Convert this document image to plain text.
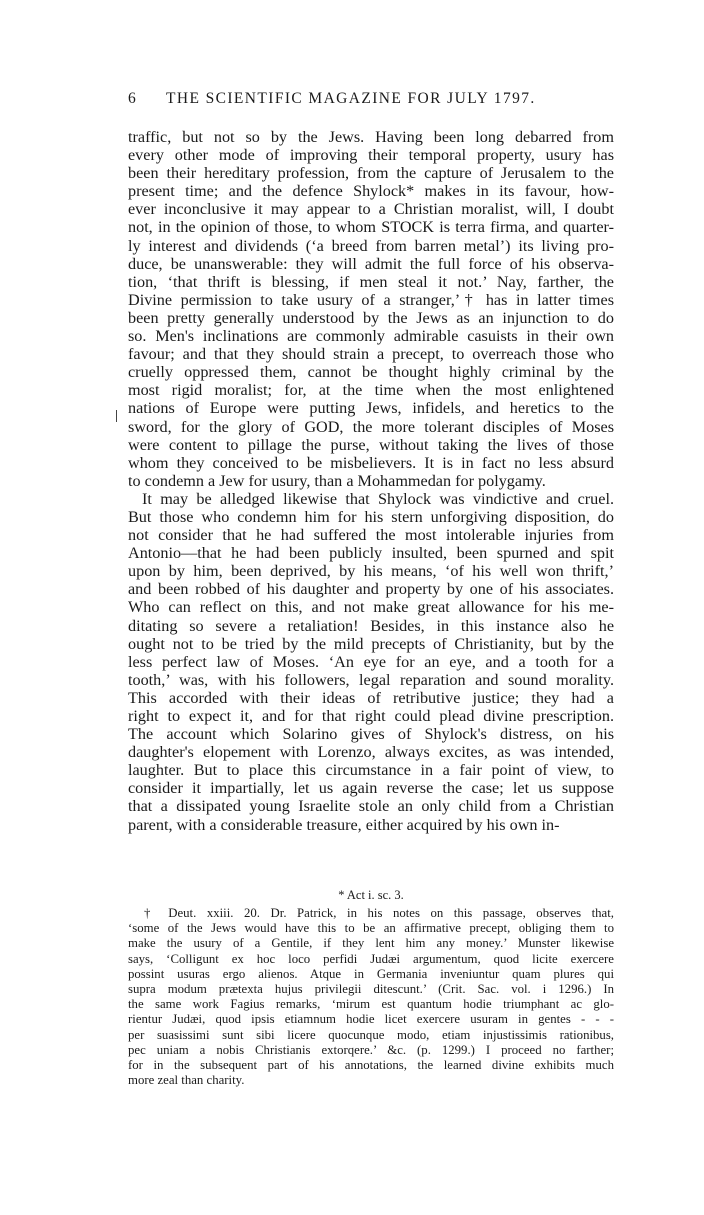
6 THE SCIENTIFIC MAGAZINE FOR JULY 1797.
traffic, but not so by the Jews. Having been long debarred from
every other mode of improving their temporal property, usury has
been their hereditary profession, from the capture of Jerusalem to the
present time; and the defence Shylock* makes in its favour, how-
ever inconclusive it may appear to a Christian moralist, will, I doubt
not, in the opinion of those, to whom STOCK is terra firma, and quarter-
ly interest and dividends (‘a breed from barren metal’) its living pro-
duce, be unanswerable: they will admit the full force of his observa-
tion, ‘that thrift is blessing, if men steal it not.’ Nay, farther, the
Divine permission to take usury of a stranger,’† has in latter times
been pretty generally understood by the Jews as an injunction to do
so. Men's inclinations are commonly admirable casuists in their own
favour; and that they should strain a precept, to overreach those who
cruelly oppressed them, cannot be thought highly criminal by the
most rigid moralist; for, at the time when the most enlightened
nations of Europe were putting Jews, infidels, and heretics to the
sword, for the glory of GOD, the more tolerant disciples of Moses
were content to pillage the purse, without taking the lives of those
whom they conceived to be misbelievers. It is in fact no less absurd
to condemn a Jew for usury, than a Mohammedan for polygamy.
It may be alledged likewise that Shylock was vindictive and cruel.
But those who condemn him for his stern unforgiving disposition, do
not consider that he had suffered the most intolerable injuries from
Antonio—that he had been publicly insulted, been spurned and spit
upon by him, been deprived, by his means, ‘of his well won thrift,’
and been robbed of his daughter and property by one of his associates.
Who can reflect on this, and not make great allowance for his me-
ditating so severe a retaliation! Besides, in this instance also he
ought not to be tried by the mild precepts of Christianity, but by the
less perfect law of Moses. ‘An eye for an eye, and a tooth for a
tooth,’ was, with his followers, legal reparation and sound morality.
This accorded with their ideas of retributive justice; they had a
right to expect it, and for that right could plead divine prescription.
The account which Solarino gives of Shylock's distress, on his
daughter's elopement with Lorenzo, always excites, as was intended,
laughter. But to place this circumstance in a fair point of view, to
consider it impartially, let us again reverse the case; let us suppose
that a dissipated young Israelite stole an only child from a Christian
parent, with a considerable treasure, either acquired by his own in-
* Act i. sc. 3.
† Deut. xxiii. 20. Dr. Patrick, in his notes on this passage, observes that,
‘some of the Jews would have this to be an affirmative precept, obliging them to
make the usury of a Gentile, if they lent him any money.’ Munster likewise
says, ‘Colligunt ex hoc loco perfidi Judæi argumentum, quod licite exercere
possint usuras ergo alienos. Atque in Germania inveniuntur quam plures qui
supra modum prætexta hujus privilegii ditescunt.’ (Crit. Sac. vol. i 1296.) In
the same work Fagius remarks, ‘mirum est quantum hodie triumphant ac glo-
rientur Judæi, quod ipsis etiamnum hodie licet exercere usuram in gentes - - -
per suasissimi sunt sibi licere quocunque modo, etiam injustissimis rationibus,
pec uniam a nobis Christianis extorqere.’ &c. (p. 1299.) I proceed no farther;
for in the subsequent part of his annotations, the learned divine exhibits much
more zeal than charity.
